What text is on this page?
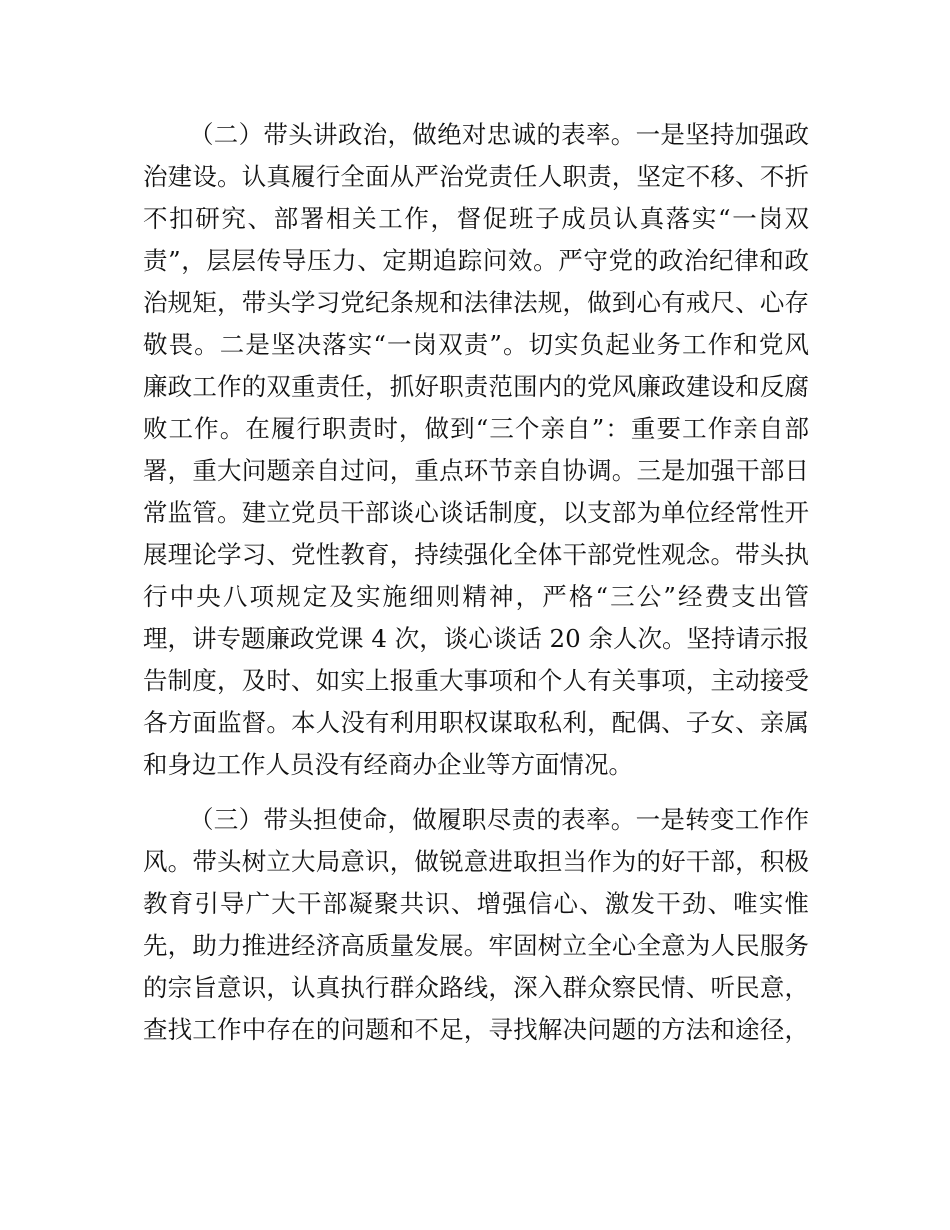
（二）带头讲政治，做绝对忠诚的表率。一是坚持加强政
治建设。认真履行全面从严治党责任人职责，坚定不移、不折
不扣研究、部署相关工作，督促班子成员认真落实“一岗双
责”，层层传导压力、定期追踪问效。严守党的政治纪律和政
治规矩，带头学习党纪条规和法律法规，做到心有戒尺、心存
敬畏。二是坚决落实“一岗双责”。切实负起业务工作和党风
廉政工作的双重责任，抓好职责范围内的党风廉政建设和反腐
败工作。在履行职责时，做到“三个亲自”：重要工作亲自部
署，重大问题亲自过问，重点环节亲自协调。三是加强干部日
常监管。建立党员干部谈心谈话制度，以支部为单位经常性开
展理论学习、党性教育，持续强化全体干部党性观念。带头执
行中央八项规定及实施细则精神，严格“三公”经费支出管
理，讲专题廉政党课 4 次，谈心谈话 20 余人次。坚持请示报
告制度，及时、如实上报重大事项和个人有关事项，主动接受
各方面监督。本人没有利用职权谋取私利，配偶、子女、亲属
和身边工作人员没有经商办企业等方面情况。
（三）带头担使命，做履职尽责的表率。一是转变工作作
风。带头树立大局意识，做锐意进取担当作为的好干部，积极
教育引导广大干部凝聚共识、增强信心、激发干劲、唯实惟
先，助力推进经济高质量发展。牢固树立全心全意为人民服务
的宗旨意识，认真执行群众路线，深入群众察民情、听民意，
查找工作中存在的问题和不足，寻找解决问题的方法和途径，
